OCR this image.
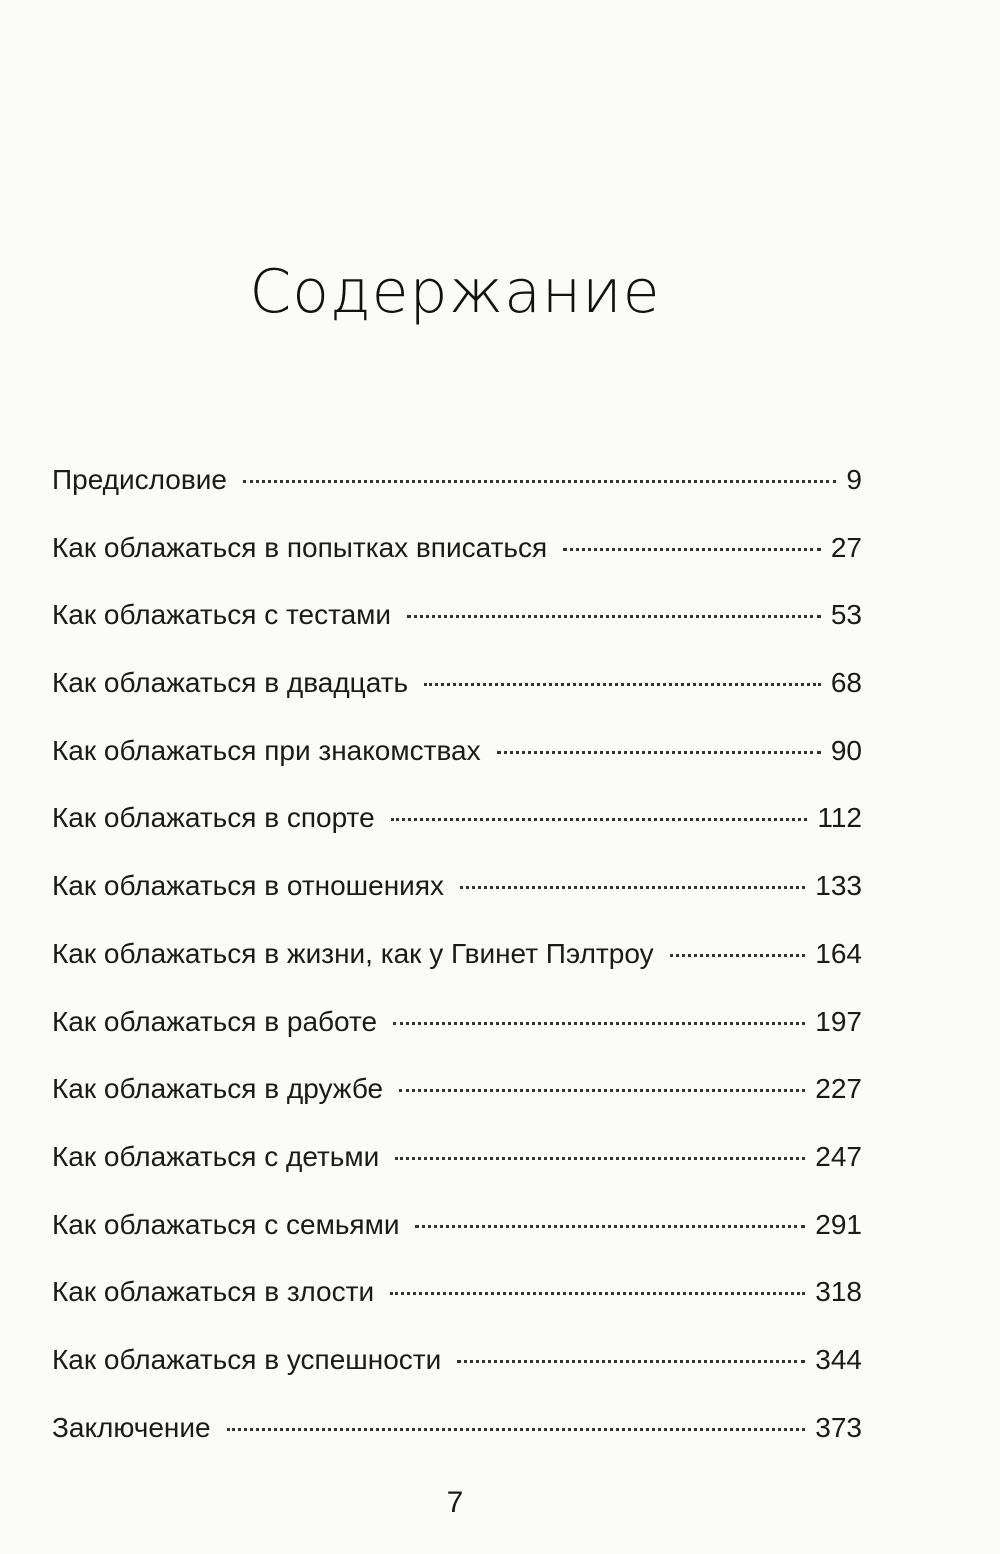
Содержание
Предисловие	9
Как облажаться в попытках вписаться	27
Как облажаться с тестами	53
Как облажаться в двадцать	68
Как облажаться при знакомствах	90
Как облажаться в спорте	112
Как облажаться в отношениях	133
Как облажаться в жизни, как у Гвинет Пэлтроу	164
Как облажаться в работе	197
Как облажаться в дружбе	227
Как облажаться с детьми	247
Как облажаться с семьями	291
Как облажаться в злости	318
Как облажаться в успешности	344
Заключение	373
7
